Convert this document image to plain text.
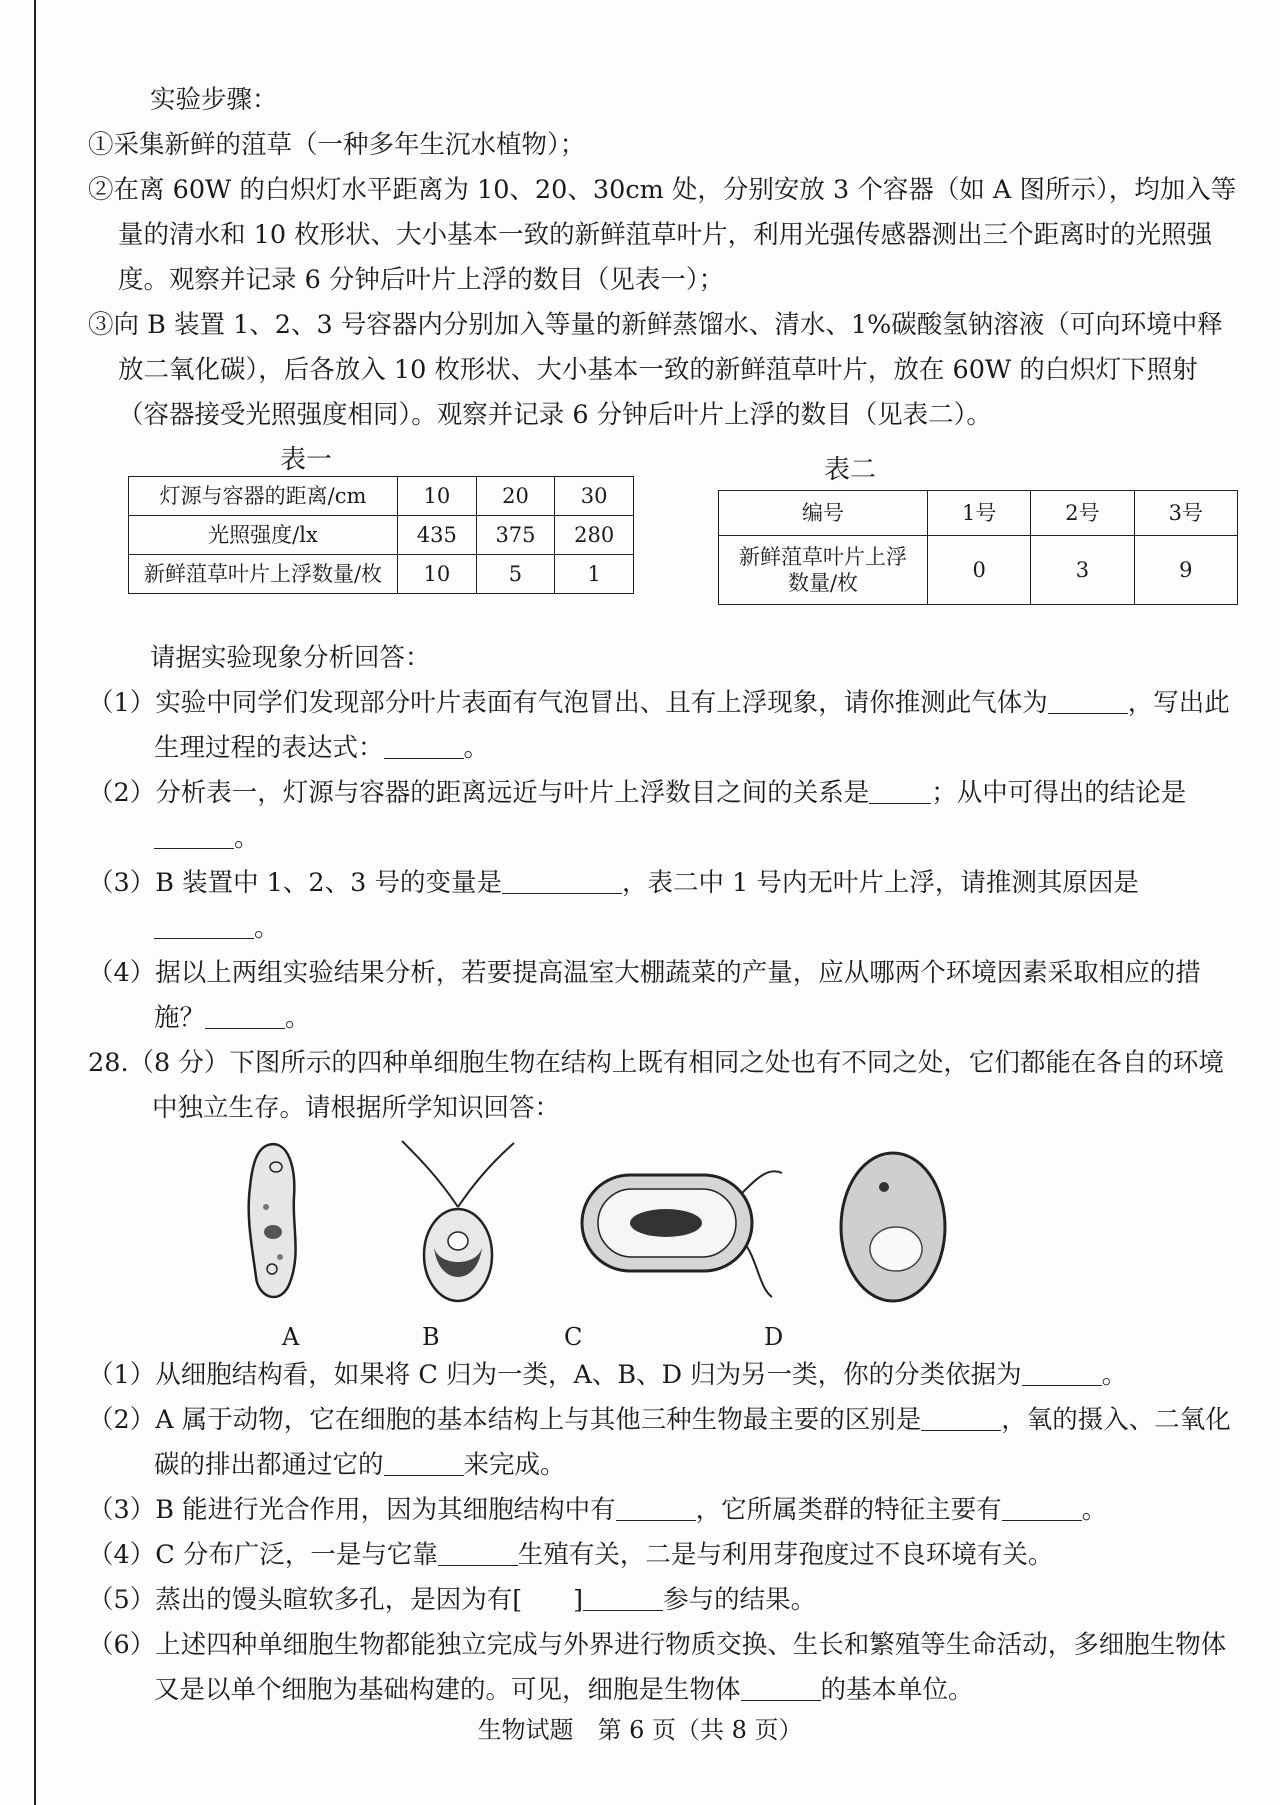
实验步骤：

①采集新鲜的菹草（一种多年生沉水植物）；

②在离 60W 的白炽灯水平距离为 10、20、30cm 处，分别安放 3 个容器（如 A 图所示），均加入等量的清水和 10 枚形状、大小基本一致的新鲜菹草叶片，利用光强传感器测出三个距离时的光照强度。观察并记录 6 分钟后叶片上浮的数目（见表一）；

③向 B 装置 1、2、3 号容器内分别加入等量的新鲜蒸馏水、清水、1%碳酸氢钠溶液（可向环境中释放二氧化碳），后各放入 10 枚形状、大小基本一致的新鲜菹草叶片，放在 60W 的白炽灯下照射（容器接受光照强度相同）。观察并记录 6 分钟后叶片上浮的数目（见表二）。

表一	表二
灯源与容器的距离/cm	10	20	30
光照强度/lx	435	375	280
新鲜菹草叶片上浮数量/枚	10	5	1
编号	1号	2号	3号

新鲜菹草叶片上浮
数量/枚	0	3	9

请据实验现象分析回答：

（1）实验中同学们发现部分叶片表面有气泡冒出、且有上浮现象，请你推测此气体为	，写出此生理过程的表达式：	。

（2）分析表一，灯源与容器的距离远近与叶片上浮数目之间的关系是 ；从中可得出的结论是。

（3）B 装置中 1、2、3 号的变量是	，表二中 1 号内无叶片上浮，请推测其原因是。

（4）据以上两组实验结果分析，若要提高温室大棚蔬菜的产量，应从哪两个环境因素采取相应的措施？	。

28.（8 分）下图所示的四种单细胞生物在结构上既有相同之处也有不同之处，它们都能在各自的环境中独立生存。请根据所学知识回答：

A	B	C	D

（1）从细胞结构看，如果将 C 归为一类，A、B、D 归为另一类，你的分类依据为	。

（2）A 属于动物，它在细胞的基本结构上与其他三种生物最主要的区别是	，氧的摄入、二氧化碳的排出都通过它的	来完成。

（3）B 能进行光合作用，因为其细胞结构中有	，它所属类群的特征主要有	。

（4）C 分布广泛，一是与它靠	生殖有关，二是与利用芽孢度过不良环境有关。

（5）蒸出的馒头暄软多孔，是因为有[　　]	参与的结果。

（6）上述四种单细胞生物都能独立完成与外界进行物质交换、生长和繁殖等生命活动，多细胞生物体又是以单个细胞为基础构建的。可见，细胞是生物体	的基本单位。

生物试题　第 6 页（共 8 页）
